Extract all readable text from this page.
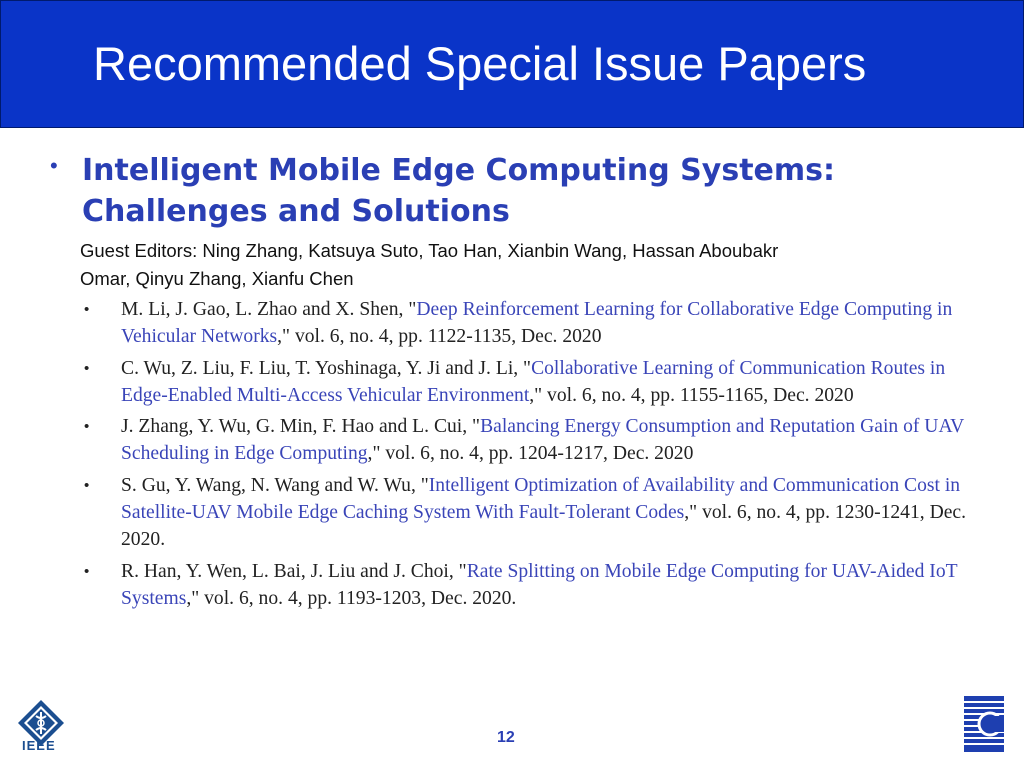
Recommended Special Issue Papers
• Intelligent Mobile Edge Computing Systems:
Challenges and Solutions
Guest Editors: Ning Zhang, Katsuya Suto, Tao Han, Xianbin Wang, Hassan Aboubakr
Omar, Qinyu Zhang, Xianfu Chen
• M. Li, J. Gao, L. Zhao and X. Shen, "Deep Reinforcement Learning for Collaborative Edge Computing in Vehicular Networks," vol. 6, no. 4, pp. 1122-1135, Dec. 2020
• C. Wu, Z. Liu, F. Liu, T. Yoshinaga, Y. Ji and J. Li, "Collaborative Learning of Communication Routes in Edge-Enabled Multi-Access Vehicular Environment," vol. 6, no. 4, pp. 1155-1165, Dec. 2020
• J. Zhang, Y. Wu, G. Min, F. Hao and L. Cui, "Balancing Energy Consumption and Reputation Gain of UAV Scheduling in Edge Computing," vol. 6, no. 4, pp. 1204-1217, Dec. 2020
• S. Gu, Y. Wang, N. Wang and W. Wu, "Intelligent Optimization of Availability and Communication Cost in Satellite-UAV Mobile Edge Caching System With Fault-Tolerant Codes," vol. 6, no. 4, pp. 1230-1241, Dec. 2020.
• R. Han, Y. Wen, L. Bai, J. Liu and J. Choi, "Rate Splitting on Mobile Edge Computing for UAV-Aided IoT Systems," vol. 6, no. 4, pp. 1193-1203, Dec. 2020.
IEEE	12
